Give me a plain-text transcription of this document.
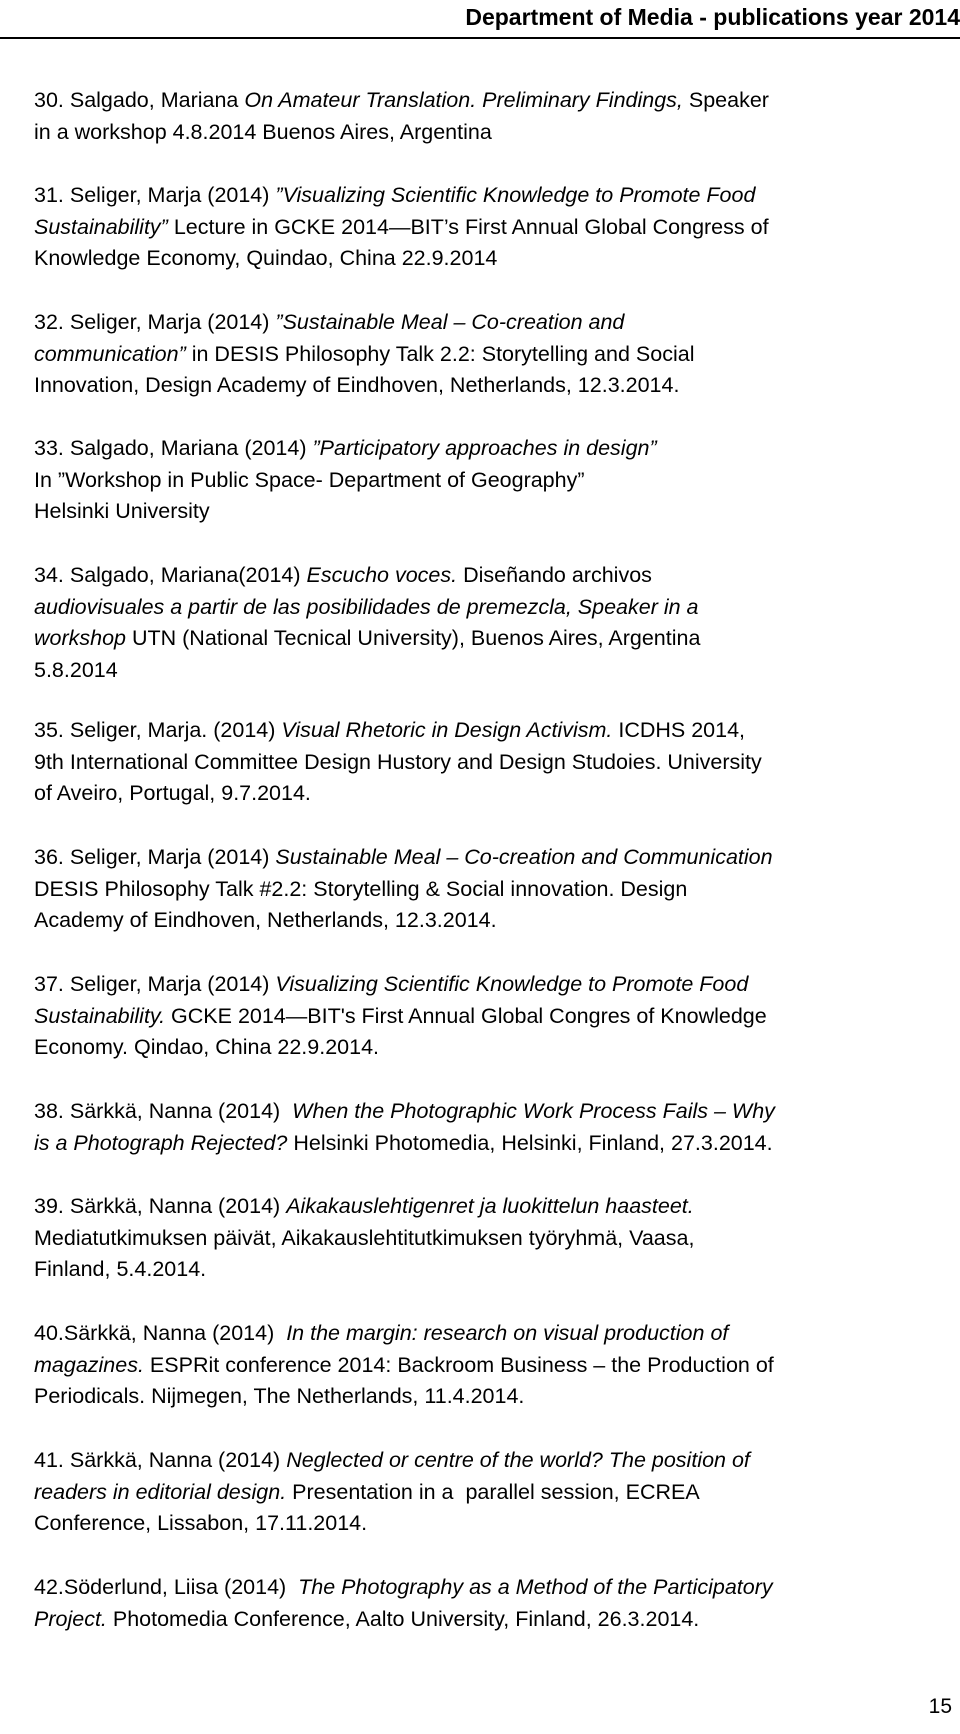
Department of Media - publications year 2014
30. Salgado, Mariana On Amateur Translation. Preliminary Findings, Speaker
in a workshop 4.8.2014 Buenos Aires, Argentina
31. Seliger, Marja (2014) ”Visualizing Scientific Knowledge to Promote Food
Sustainability” Lecture in GCKE 2014—BIT’s First Annual Global Congress of
Knowledge Economy, Quindao, China 22.9.2014
32. Seliger, Marja (2014) ”Sustainable Meal – Co-creation and
communication” in DESIS Philosophy Talk 2.2: Storytelling and Social
Innovation, Design Academy of Eindhoven, Netherlands, 12.3.2014.
33. Salgado, Mariana (2014) ”Participatory approaches in design”
In ”Workshop in Public Space- Department of Geography”
Helsinki University
34. Salgado, Mariana(2014) Escucho voces. Diseñando archivos
audiovisuales a partir de las posibilidades de premezcla, Speaker in a
workshop UTN (National Tecnical University), Buenos Aires, Argentina
5.8.2014
35. Seliger, Marja. (2014) Visual Rhetoric in Design Activism. ICDHS 2014,
9th International Committee Design Hustory and Design Studoies. University
of Aveiro, Portugal, 9.7.2014.
36. Seliger, Marja (2014) Sustainable Meal – Co-creation and Communication
DESIS Philosophy Talk #2.2: Storytelling & Social innovation. Design
Academy of Eindhoven, Netherlands, 12.3.2014.
37. Seliger, Marja (2014) Visualizing Scientific Knowledge to Promote Food
Sustainability. GCKE 2014—BIT's First Annual Global Congres of Knowledge
Economy. Qindao, China 22.9.2014.
38. Särkkä, Nanna (2014)  When the Photographic Work Process Fails – Why
is a Photograph Rejected? Helsinki Photomedia, Helsinki, Finland, 27.3.2014.
39. Särkkä, Nanna (2014) Aikakauslehtigenret ja luokittelun haasteet.
Mediatutkimuksen päivät, Aikakauslehtitutkimuksen työryhmä, Vaasa,
Finland, 5.4.2014.
40.Särkkä, Nanna (2014)  In the margin: research on visual production of
magazines. ESPRit conference 2014: Backroom Business – the Production of
Periodicals. Nijmegen, The Netherlands, 11.4.2014.
41. Särkkä, Nanna (2014) Neglected or centre of the world? The position of
readers in editorial design. Presentation in a  parallel session, ECREA
Conference, Lissabon, 17.11.2014.
42.Söderlund, Liisa (2014)  The Photography as a Method of the Participatory
Project. Photomedia Conference, Aalto University, Finland, 26.3.2014.
15
